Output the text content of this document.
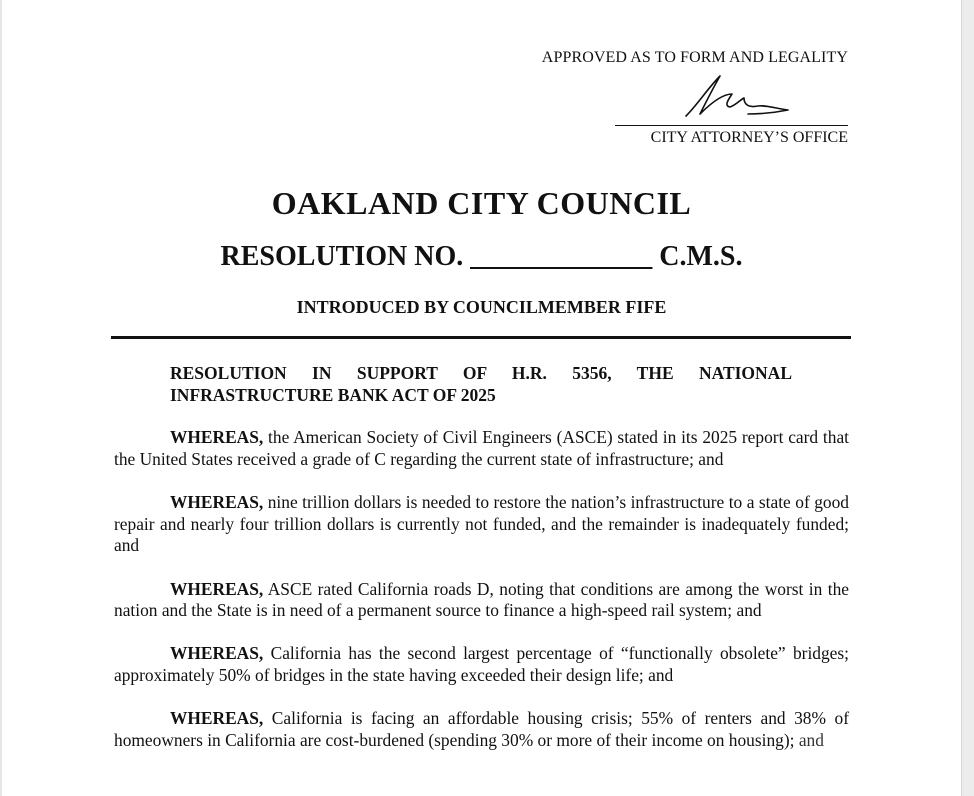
APPROVED AS TO FORM AND LEGALITY
CITY ATTORNEY’S OFFICE
OAKLAND CITY COUNCIL
RESOLUTION NO. _____________ C.M.S.
INTRODUCED BY COUNCILMEMBER FIFE
RESOLUTION IN SUPPORT OF H.R. 5356, THE NATIONAL INFRASTRUCTURE BANK ACT OF 2025

WHEREAS, the American Society of Civil Engineers (ASCE) stated in its 2025 report card that the United States received a grade of C regarding the current state of infrastructure; and

WHEREAS, nine trillion dollars is needed to restore the nation’s infrastructure to a state of good repair and nearly four trillion dollars is currently not funded, and the remainder is inadequately funded; and

WHEREAS, ASCE rated California roads D, noting that conditions are among the worst in the nation and the State is in need of a permanent source to finance a high-speed rail system; and

WHEREAS, California has the second largest percentage of “functionally obsolete” bridges; approximately 50% of bridges in the state having exceeded their design life; and

WHEREAS, California is facing an affordable housing crisis; 55% of renters and 38% of homeowners in California are cost-burdened (spending 30% or more of their income on housing); and
